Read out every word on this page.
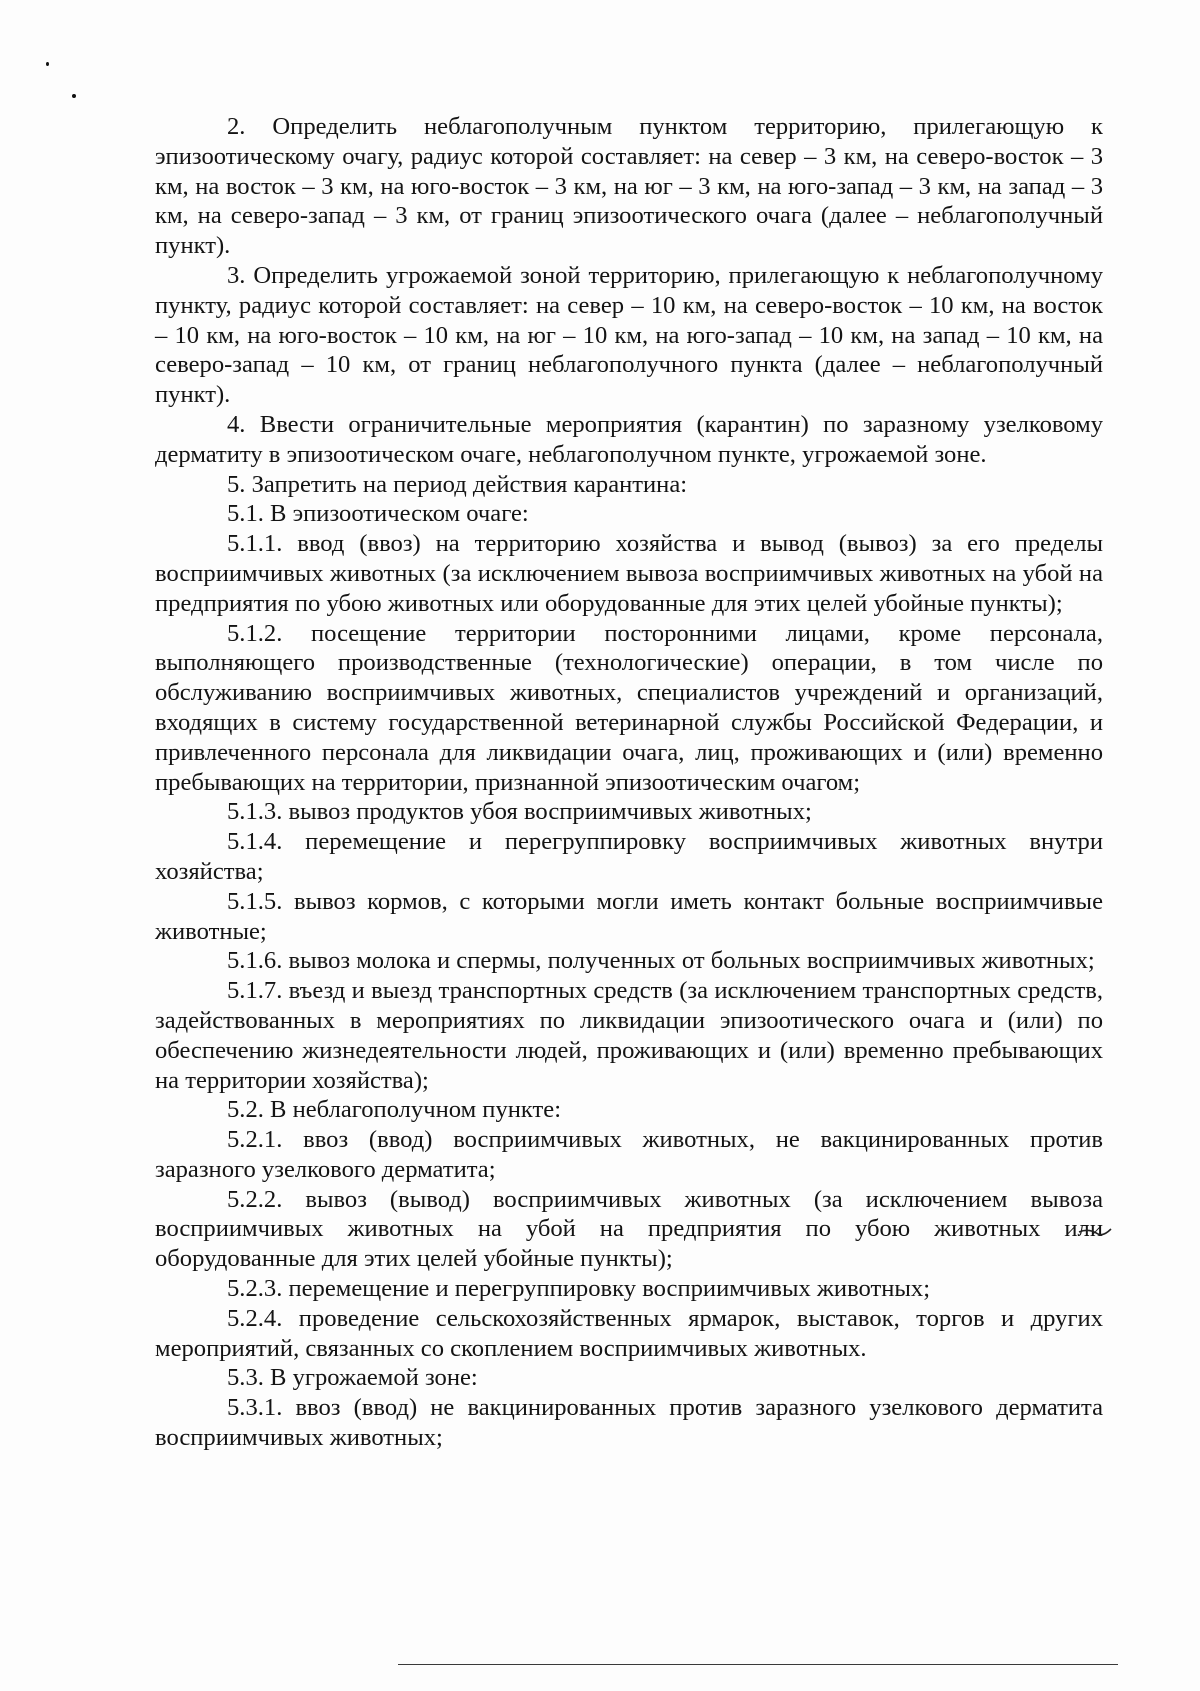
2. Определить неблагополучным пунктом территорию, прилегающую к эпизоотическому очагу, радиус которой составляет: на север – 3 км, на северо-восток – 3 км, на восток – 3 км, на юго-восток – 3 км, на юг – 3 км, на юго-запад – 3 км, на запад – 3 км, на северо-запад – 3 км, от границ эпизоотического очага (далее – неблагополучный пункт).

3. Определить угрожаемой зоной территорию, прилегающую к неблагополучному пункту, радиус которой составляет: на север – 10 км, на северо-восток – 10 км, на восток – 10 км, на юго-восток – 10 км, на юг – 10 км, на юго-запад – 10 км, на запад – 10 км, на северо-запад – 10 км, от границ неблагополучного пункта (далее – неблагополучный пункт).

4. Ввести ограничительные мероприятия (карантин) по заразному узелковому дерматиту в эпизоотическом очаге, неблагополучном пункте, угрожаемой зоне.

5. Запретить на период действия карантина:

5.1. В эпизоотическом очаге:

5.1.1. ввод (ввоз) на территорию хозяйства и вывод (вывоз) за его пределы восприимчивых животных (за исключением вывоза восприимчивых животных на убой на предприятия по убою животных или оборудованные для этих целей убойные пункты);

5.1.2. посещение территории посторонними лицами, кроме персонала, выполняющего производственные (технологические) операции, в том числе по обслуживанию восприимчивых животных, специалистов учреждений и организаций, входящих в систему государственной ветеринарной службы Российской Федерации, и привлеченного персонала для ликвидации очага, лиц, проживающих и (или) временно пребывающих на территории, признанной эпизоотическим очагом;

5.1.3. вывоз продуктов убоя восприимчивых животных;

5.1.4. перемещение и перегруппировку восприимчивых животных внутри хозяйства;

5.1.5. вывоз кормов, с которыми могли иметь контакт больные восприимчивые животные;

5.1.6. вывоз молока и спермы, полученных от больных восприимчивых животных;

5.1.7. въезд и выезд транспортных средств (за исключением транспортных средств, задействованных в мероприятиях по ликвидации эпизоотического очага и (или) по обеспечению жизнедеятельности людей, проживающих и (или) временно пребывающих на территории хозяйства);

5.2. В неблагополучном пункте:

5.2.1. ввоз (ввод) восприимчивых животных, не вакцинированных против заразного узелкового дерматита;

5.2.2. вывоз (вывод) восприимчивых животных (за исключением вывоза восприимчивых животных на убой на предприятия по убою животных или оборудованные для этих целей убойные пункты);

5.2.3. перемещение и перегруппировку восприимчивых животных;

5.2.4. проведение сельскохозяйственных ярмарок, выставок, торгов и других мероприятий, связанных со скоплением восприимчивых животных.

5.3. В угрожаемой зоне:

5.3.1. ввоз (ввод) не вакцинированных против заразного узелкового дерматита восприимчивых животных;
